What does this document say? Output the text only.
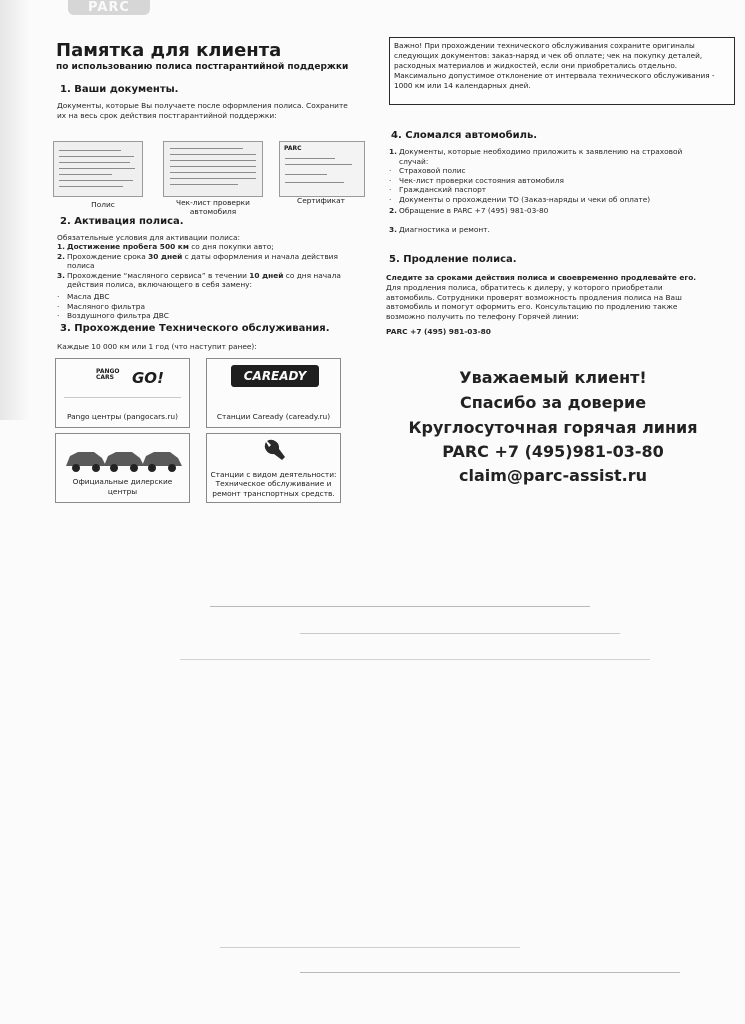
PARC
Памятка для клиента
по использованию полиса постгарантийной поддержки
1. Ваши документы.
Документы, которые Вы получаете после оформления полиса. Сохраните их на весь срок действия постгарантийной поддержки:
Полис	Чек-лист проверки автомобиля
PARC
Сертификат
2. Активация полиса.
Обязательные условия для активации полиса:
1. Достижение пробега 500 км со дня покупки авто;
2. Прохождение срока 30 дней с даты оформления и начала действия полиса
3. Прохождение “масляного сервиса” в течении 10 дней со дня начала действия полиса, включающего в себя замену:
· Масла ДВС
· Масляного фильтра
· Воздушного фильтра ДВС
3. Прохождение Технического обслуживания.
Каждые 10 000 км или 1 год (что наступит ранее):
PANGO CARS	GO!
Pango центры (pangocars.ru)
CAREADY
Станции Caready (caready.ru)
Официальные дилерские центры
Станции с видом деятельности: Техническое обслуживание и ремонт транспортных средств.
Важно! При прохождении технического обслуживания сохраните оригиналы следующих документов: заказ-наряд и чек об оплате; чек на покупку деталей, расходных материалов и жидкостей, если они приобретались отдельно. Максимально допустимое отклонение от интервала технического обслуживания - 1000 км или 14 календарных дней.
4. Сломался автомобиль.
1. Документы, которые необходимо приложить к заявлению на страховой случай:
· Страховой полис
· Чек-лист проверки состояния автомобиля
· Гражданский паспорт
· Документы о прохождении ТО (Заказ-наряды и чеки об оплате)
2. Обращение в PARC +7 (495) 981-03-80
3. Диагностика и ремонт.
5. Продление полиса.
Следите за сроками действия полиса и своевременно продлевайте его.
Для продления полиса, обратитесь к дилеру, у которого приобретали автомобиль. Сотрудники проверят возможность продления полиса на Ваш автомобиль и помогут оформить его. Консультацию по продлению также возможно получить по телефону Горячей линии:
PARC +7 (495) 981-03-80
Уважаемый клиент!
Спасибо за доверие
Круглосуточная горячая линия
PARC +7 (495)981-03-80
claim@parc-assist.ru
